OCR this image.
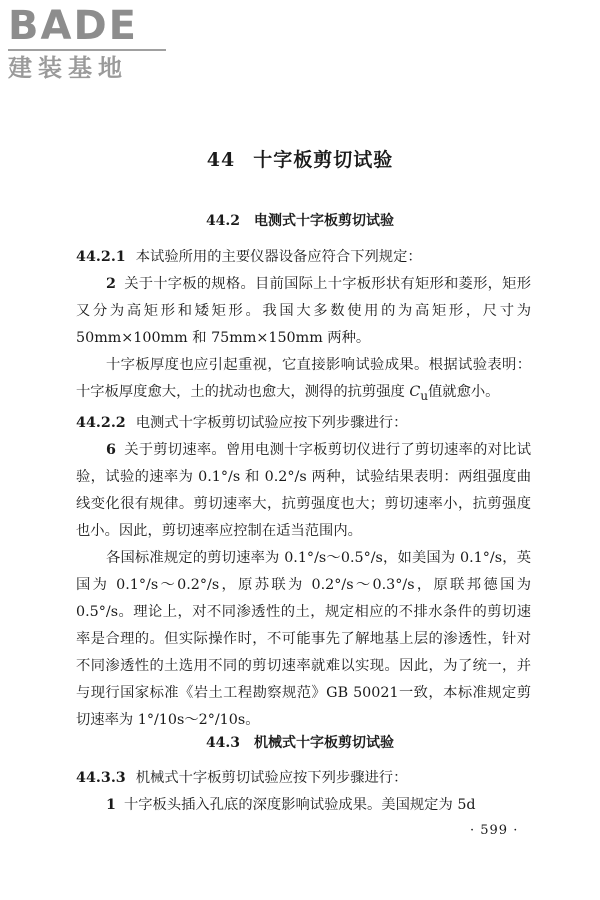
BADE
建装基地
44 十字板剪切试验
44.2 电测式十字板剪切试验

44.2.1 本试验所用的主要仪器设备应符合下列规定：

2 关于十字板的规格。目前国际上十字板形状有矩形和菱形，矩形又分为高矩形和矮矩形。我国大多数使用的为高矩形，尺寸为 50mm×100mm 和 75mm×150mm 两种。

十字板厚度也应引起重视，它直接影响试验成果。根据试验表明：十字板厚度愈大，土的扰动也愈大，测得的抗剪强度 $C_u$值就愈小。

44.2.2 电测式十字板剪切试验应按下列步骤进行：

6 关于剪切速率。曾用电测十字板剪切仪进行了剪切速率的对比试验，试验的速率为 0.1°/s 和 0.2°/s 两种，试验结果表明：两组强度曲线变化很有规律。剪切速率大，抗剪强度也大；剪切速率小，抗剪强度也小。因此，剪切速率应控制在适当范围内。

各国标准规定的剪切速率为 0.1°/s～0.5°/s，如美国为 0.1°/s，英国为 0.1°/s～0.2°/s，原苏联为 0.2°/s～0.3°/s，原联邦德国为 0.5°/s。理论上，对不同渗透性的土，规定相应的不排水条件的剪切速率是合理的。但实际操作时，不可能事先了解地基上层的渗透性，针对不同渗透性的土选用不同的剪切速率就难以实现。因此，为了统一，并与现行国家标准《岩土工程勘察规范》GB 50021一致，本标准规定剪切速率为 1°/10s～2°/10s。

44.3 机械式十字板剪切试验

44.3.3 机械式十字板剪切试验应按下列步骤进行：

1 十字板头插入孔底的深度影响试验成果。美国规定为 5d

· 599 ·
